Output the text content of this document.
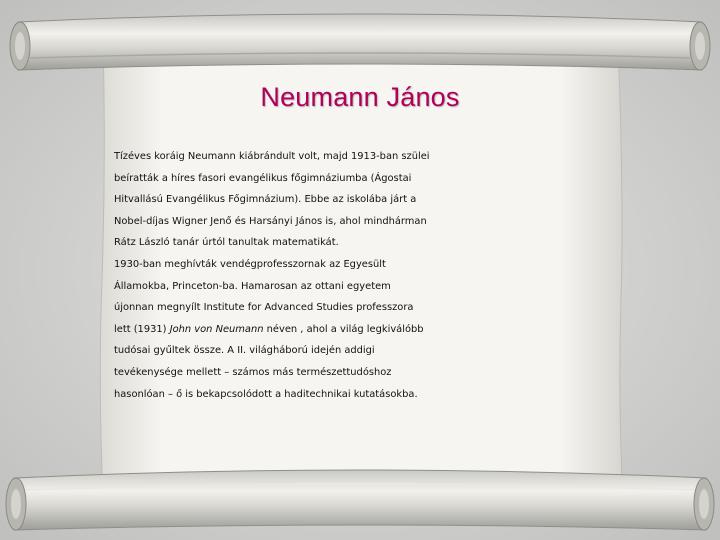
Neumann János
Tízéves koráig Neumann kiábrándult volt, majd 1913-ban szülei
beíratták a híres fasori evangélikus főgimnáziumba (Ágostai
Hitvallású Evangélikus Főgimnázium). Ebbe az iskolába járt a
Nobel-díjas Wigner Jenő és Harsányi János is, ahol mindhárman
Rátz László tanár úrtól tanultak matematikát.
1930-ban meghívták vendégprofesszornak az Egyesült
Államokba, Princeton-ba. Hamarosan az ottani egyetem
újonnan megnyílt Institute for Advanced Studies professzora
lett (1931) John von Neumann néven , ahol a világ legkiválóbb
tudósai gyűltek össze. A II. világháború idején addigi
tevékenysége mellett – számos más természettudóshoz
hasonlóan – ő is bekapcsolódott a haditechnikai kutatásokba.
